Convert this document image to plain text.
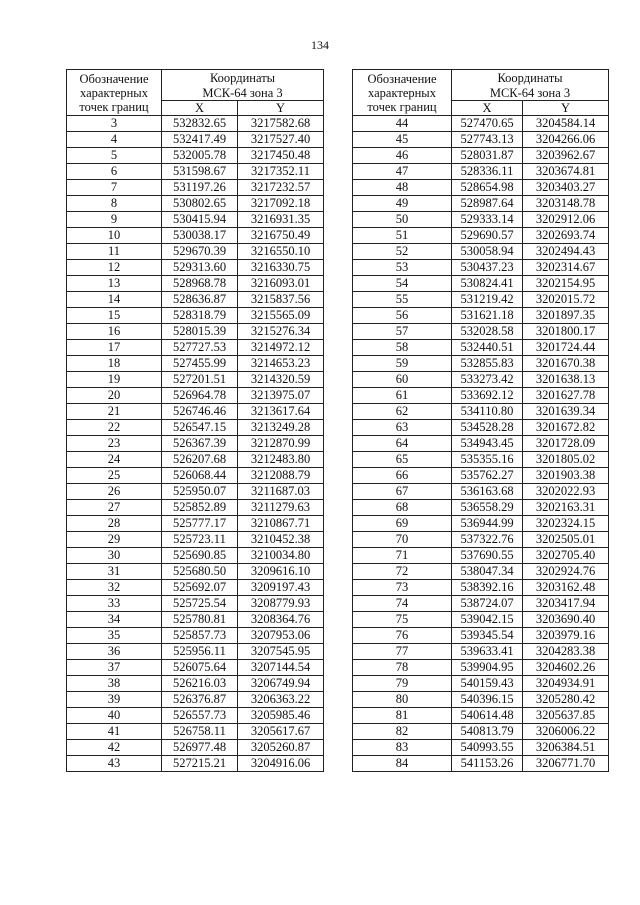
134
Обозначение
характерных
точек границ	Координаты	
	МСК-64 зона 3	
	X	Y
3	532832.65	3217582.68
4	532417.49	3217527.40
5	532005.78	3217450.48
6	531598.67	3217352.11
7	531197.26	3217232.57
8	530802.65	3217092.18
9	530415.94	3216931.35
10	530038.17	3216750.49
11	529670.39	3216550.10
12	529313.60	3216330.75
13	528968.78	3216093.01
14	528636.87	3215837.56
15	528318.79	3215565.09
16	528015.39	3215276.34
17	527727.53	3214972.12
18	527455.99	3214653.23
19	527201.51	3214320.59
20	526964.78	3213975.07
21	526746.46	3213617.64
22	526547.15	3213249.28
23	526367.39	3212870.99
24	526207.68	3212483.80
25	526068.44	3212088.79
26	525950.07	3211687.03
27	525852.89	3211279.63
28	525777.17	3210867.71
29	525723.11	3210452.38
30	525690.85	3210034.80
31	525680.50	3209616.10
32	525692.07	3209197.43
33	525725.54	3208779.93
34	525780.81	3208364.76
35	525857.73	3207953.06
36	525956.11	3207545.95
37	526075.64	3207144.54
38	526216.03	3206749.94
39	526376.87	3206363.22
40	526557.73	3205985.46
41	526758.11	3205617.67
42	526977.48	3205260.87
43	527215.21	3204916.06
Обозначение
характерных
точек границ	Координаты	
	МСК-64 зона 3	
	X	Y
44	527470.65	3204584.14
45	527743.13	3204266.06
46	528031.87	3203962.67
47	528336.11	3203674.81
48	528654.98	3203403.27
49	528987.64	3203148.78
50	529333.14	3202912.06
51	529690.57	3202693.74
52	530058.94	3202494.43
53	530437.23	3202314.67
54	530824.41	3202154.95
55	531219.42	3202015.72
56	531621.18	3201897.35
57	532028.58	3201800.17
58	532440.51	3201724.44
59	532855.83	3201670.38
60	533273.42	3201638.13
61	533692.12	3201627.78
62	534110.80	3201639.34
63	534528.28	3201672.82
64	534943.45	3201728.09
65	535355.16	3201805.02
66	535762.27	3201903.38
67	536163.68	3202022.93
68	536558.29	3202163.31
69	536944.99	3202324.15
70	537322.76	3202505.01
71	537690.55	3202705.40
72	538047.34	3202924.76
73	538392.16	3203162.48
74	538724.07	3203417.94
75	539042.15	3203690.40
76	539345.54	3203979.16
77	539633.41	3204283.38
78	539904.95	3204602.26
79	540159.43	3204934.91
80	540396.15	3205280.42
81	540614.48	3205637.85
82	540813.79	3206006.22
83	540993.55	3206384.51
84	541153.26	3206771.70
